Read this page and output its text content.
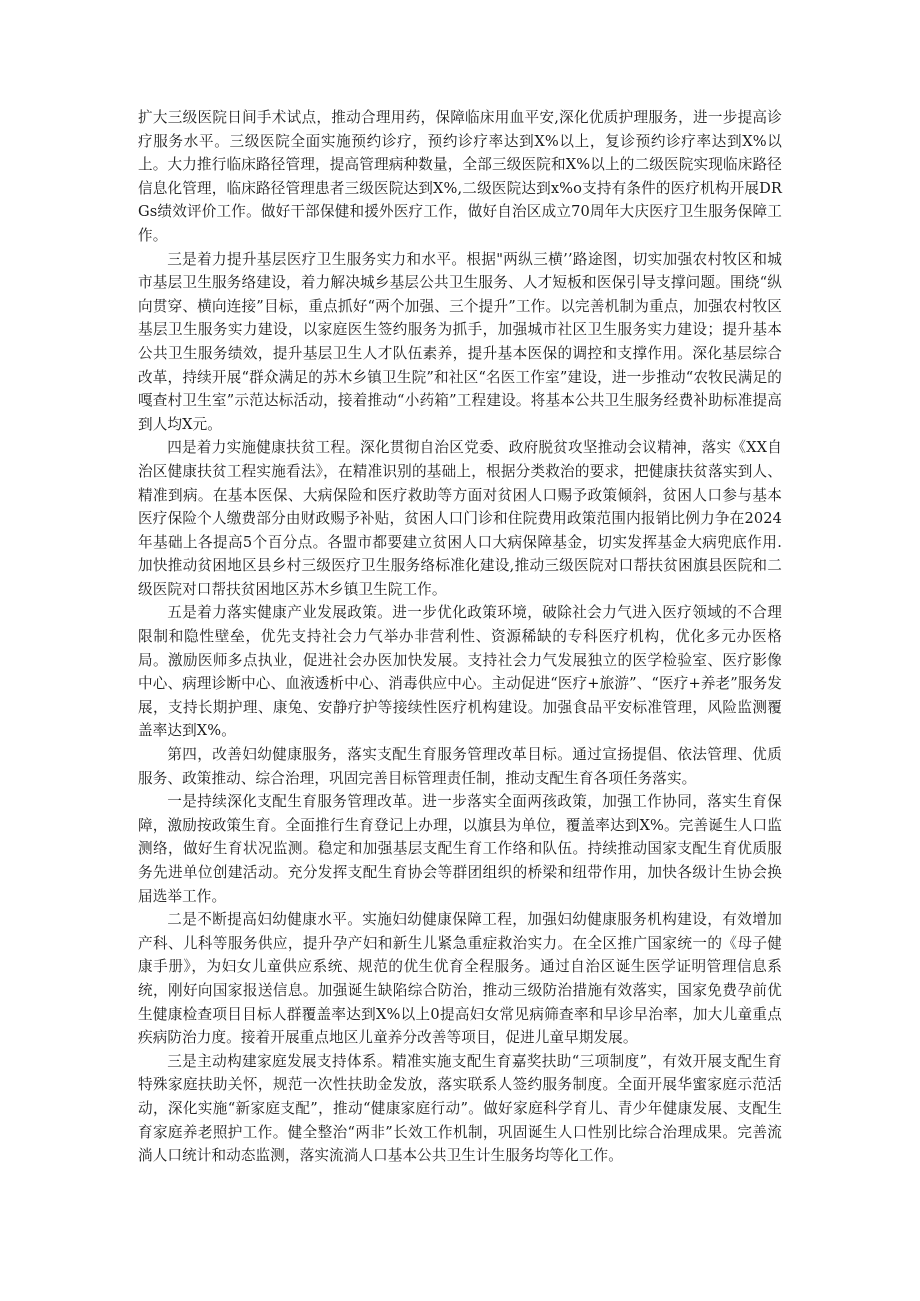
扩大三级医院日间手术试点，推动合理用药，保障临床用血平安,深化优质护理服务，进一步提高诊疗服务水平。三级医院全面实施预约诊疗，预约诊疗率达到X%以上，复诊预约诊疗率达到X%以上。大力推行临床路径管理，提高管理病种数量，全部三级医院和X%以上的二级医院实现临床路径信息化管理，临床路径管理患者三级医院达到X%,二级医院达到x%o支持有条件的医疗机构开展DRGs绩效评价工作。做好干部保健和援外医疗工作，做好自治区成立70周年大庆医疗卫生服务保障工作。

三是着力提升基层医疗卫生服务实力和水平。根据"两纵三横’’路途图，切实加强农村牧区和城市基层卫生服务络建设，着力解决城乡基层公共卫生服务、人才短板和医保引导支撑问题。围绕“纵向贯穿、横向连接”目标，重点抓好“两个加强、三个提升”工作。以完善机制为重点，加强农村牧区基层卫生服务实力建设，以家庭医生签约服务为抓手，加强城市社区卫生服务实力建设；提升基本公共卫生服务绩效，提升基层卫生人才队伍素养，提升基本医保的调控和支撑作用。深化基层综合改革，持续开展“群众满足的苏木乡镇卫生院”和社区“名医工作室”建设，进一步推动“农牧民满足的嘎查村卫生室”示范达标活动，接着推动“小药箱”工程建设。将基本公共卫生服务经费补助标准提高到人均X元。

四是着力实施健康扶贫工程。深化贯彻自治区党委、政府脱贫攻坚推动会议精神，落实《XX自治区健康扶贫工程实施看法》，在精准识别的基础上，根据分类救治的要求，把健康扶贫落实到人、精准到病。在基本医保、大病保险和医疗救助等方面对贫困人口赐予政策倾斜，贫困人口参与基本医疗保险个人缴费部分由财政赐予补贴，贫困人口门诊和住院费用政策范围内报销比例力争在2024年基础上各提高5个百分点。各盟市都要建立贫困人口大病保障基金，切实发挥基金大病兜底作用.加快推动贫困地区县乡村三级医疗卫生服务络标准化建设,推动三级医院对口帮扶贫困旗县医院和二级医院对口帮扶贫困地区苏木乡镇卫生院工作。

五是着力落实健康产业发展政策。进一步优化政策环境，破除社会力气进入医疗领域的不合理限制和隐性壁垒，优先支持社会力气举办非营利性、资源稀缺的专科医疗机构，优化多元办医格局。激励医师多点执业，促进社会办医加快发展。支持社会力气发展独立的医学检验室、医疗影像中心、病理诊断中心、血液透析中心、消毒供应中心。主动促进“医疗+旅游”、“医疗+养老”服务发展，支持长期护理、康兔、安静疗护等接续性医疗机构建设。加强食品平安标准管理，风险监测覆盖率达到X%。

第四，改善妇幼健康服务，落实支配生育服务管理改革目标。通过宣扬提倡、依法管理、优质服务、政策推动、综合治理，巩固完善目标管理责任制，推动支配生育各项任务落实。

一是持续深化支配生育服务管理改革。进一步落实全面两孩政策，加强工作协同，落实生育保障，激励按政策生育。全面推行生育登记上办理，以旗县为单位，覆盖率达到X%。完善诞生人口监测络，做好生育状况监测。稳定和加强基层支配生育工作络和队伍。持续推动国家支配生育优质服务先进单位创建活动。充分发挥支配生育协会等群团组织的桥梁和纽带作用，加快各级计生协会换届选举工作。

二是不断提高妇幼健康水平。实施妇幼健康保障工程，加强妇幼健康服务机构建设，有效增加产科、儿科等服务供应，提升孕产妇和新生儿紧急重症救治实力。在全区推广国家统一的《母子健康手册》，为妇女儿童供应系统、规范的优生优育全程服务。通过自治区诞生医学证明管理信息系统，刚好向国家报送信息。加强诞生缺陷综合防治，推动三级防治措施有效落实，国家免费孕前优生健康检查项目目标人群覆盖率达到X%以上0提高妇女常见病筛查率和早诊早治率，加大儿童重点疾病防治力度。接着开展重点地区儿童养分改善等项目，促进儿童早期发展。

三是主动构建家庭发展支持体系。精准实施支配生育嘉奖扶助“三项制度”，有效开展支配生育特殊家庭扶助关怀，规范一次性扶助金发放，落实联系人签约服务制度。全面开展华蜜家庭示范活动，深化实施“新家庭支配”，推动“健康家庭行动”。做好家庭科学育儿、青少年健康发展、支配生育家庭养老照护工作。健全整治“两非”长效工作机制，巩固诞生人口性别比综合治理成果。完善流淌人口统计和动态监测，落实流淌人口基本公共卫生计生服务均等化工作。
